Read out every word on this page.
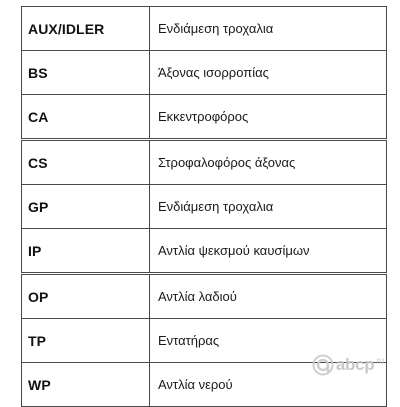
AUX/IDLER	Ενδιάμεση τροχαλια
BS	Άξονας ισορροπίας
CA	Εκκεντροφόρος
CS	Στροφαλοφόρος άξονας
GP	Ενδιάμεση τροχαλια
IP	Αντλία ψεκσμού καυσίμων
OP	Αντλία λαδιού
TP	Εντατήρας
WP	Αντλία νερού
abcp$^{.ru}$
